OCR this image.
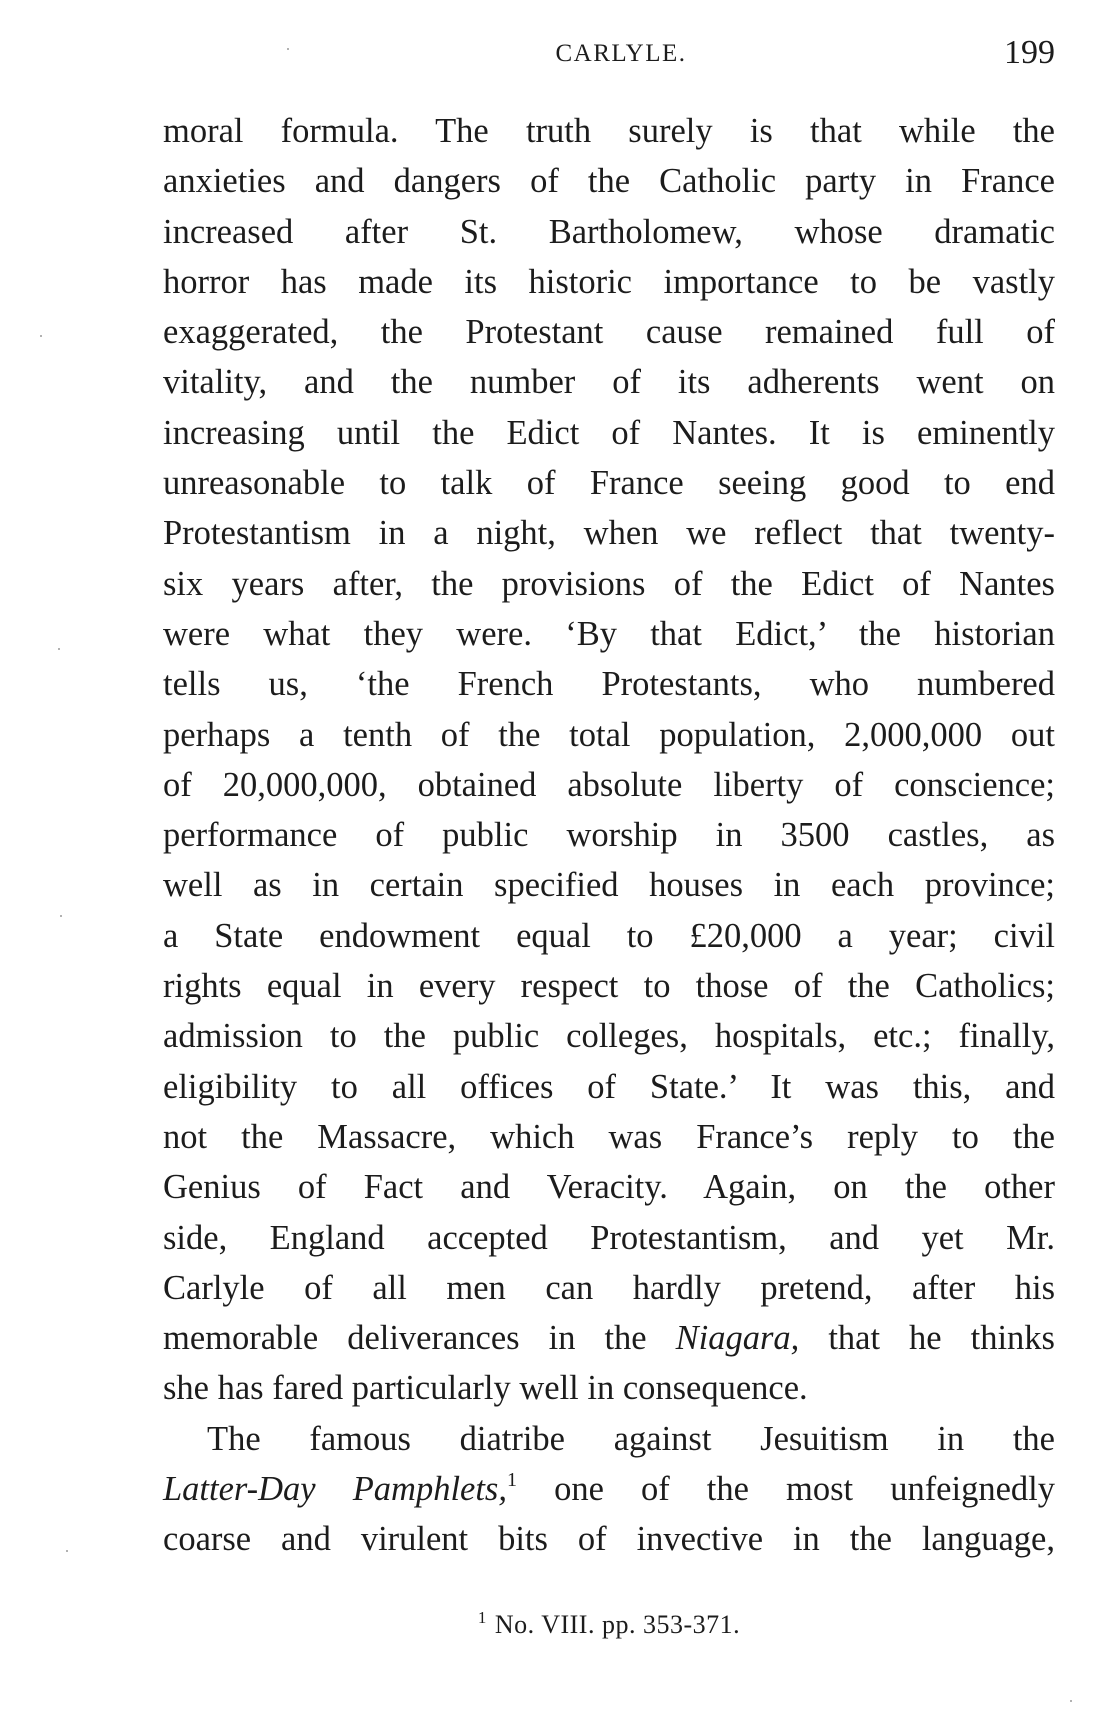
CARLYLE.	199
moral formula. The truth surely is that while the
anxieties and dangers of the Catholic party in France
increased after St. Bartholomew, whose dramatic
horror has made its historic importance to be vastly
exaggerated, the Protestant cause remained full of
vitality, and the number of its adherents went on
increasing until the Edict of Nantes. It is eminently
unreasonable to talk of France seeing good to end
Protestantism in a night, when we reflect that twenty-
six years after, the provisions of the Edict of Nantes
were what they were. ‘By that Edict,’ the historian
tells us, ‘the French Protestants, who numbered
perhaps a tenth of the total population, 2,000,000 out
of 20,000,000, obtained absolute liberty of conscience;
performance of public worship in 3500 castles, as
well as in certain specified houses in each province;
a State endowment equal to £20,000 a year; civil
rights equal in every respect to those of the Catholics;
admission to the public colleges, hospitals, etc.; finally,
eligibility to all offices of State.’ It was this, and
not the Massacre, which was France’s reply to the
Genius of Fact and Veracity. Again, on the other
side, England accepted Protestantism, and yet Mr.
Carlyle of all men can hardly pretend, after his
memorable deliverances in the Niagara, that he thinks
she has fared particularly well in consequence.
The famous diatribe against Jesuitism in the
Latter-Day Pamphlets,$^1$ one of the most unfeignedly
coarse and virulent bits of invective in the language,
$^1$ No. VIII. pp. 353-371.
